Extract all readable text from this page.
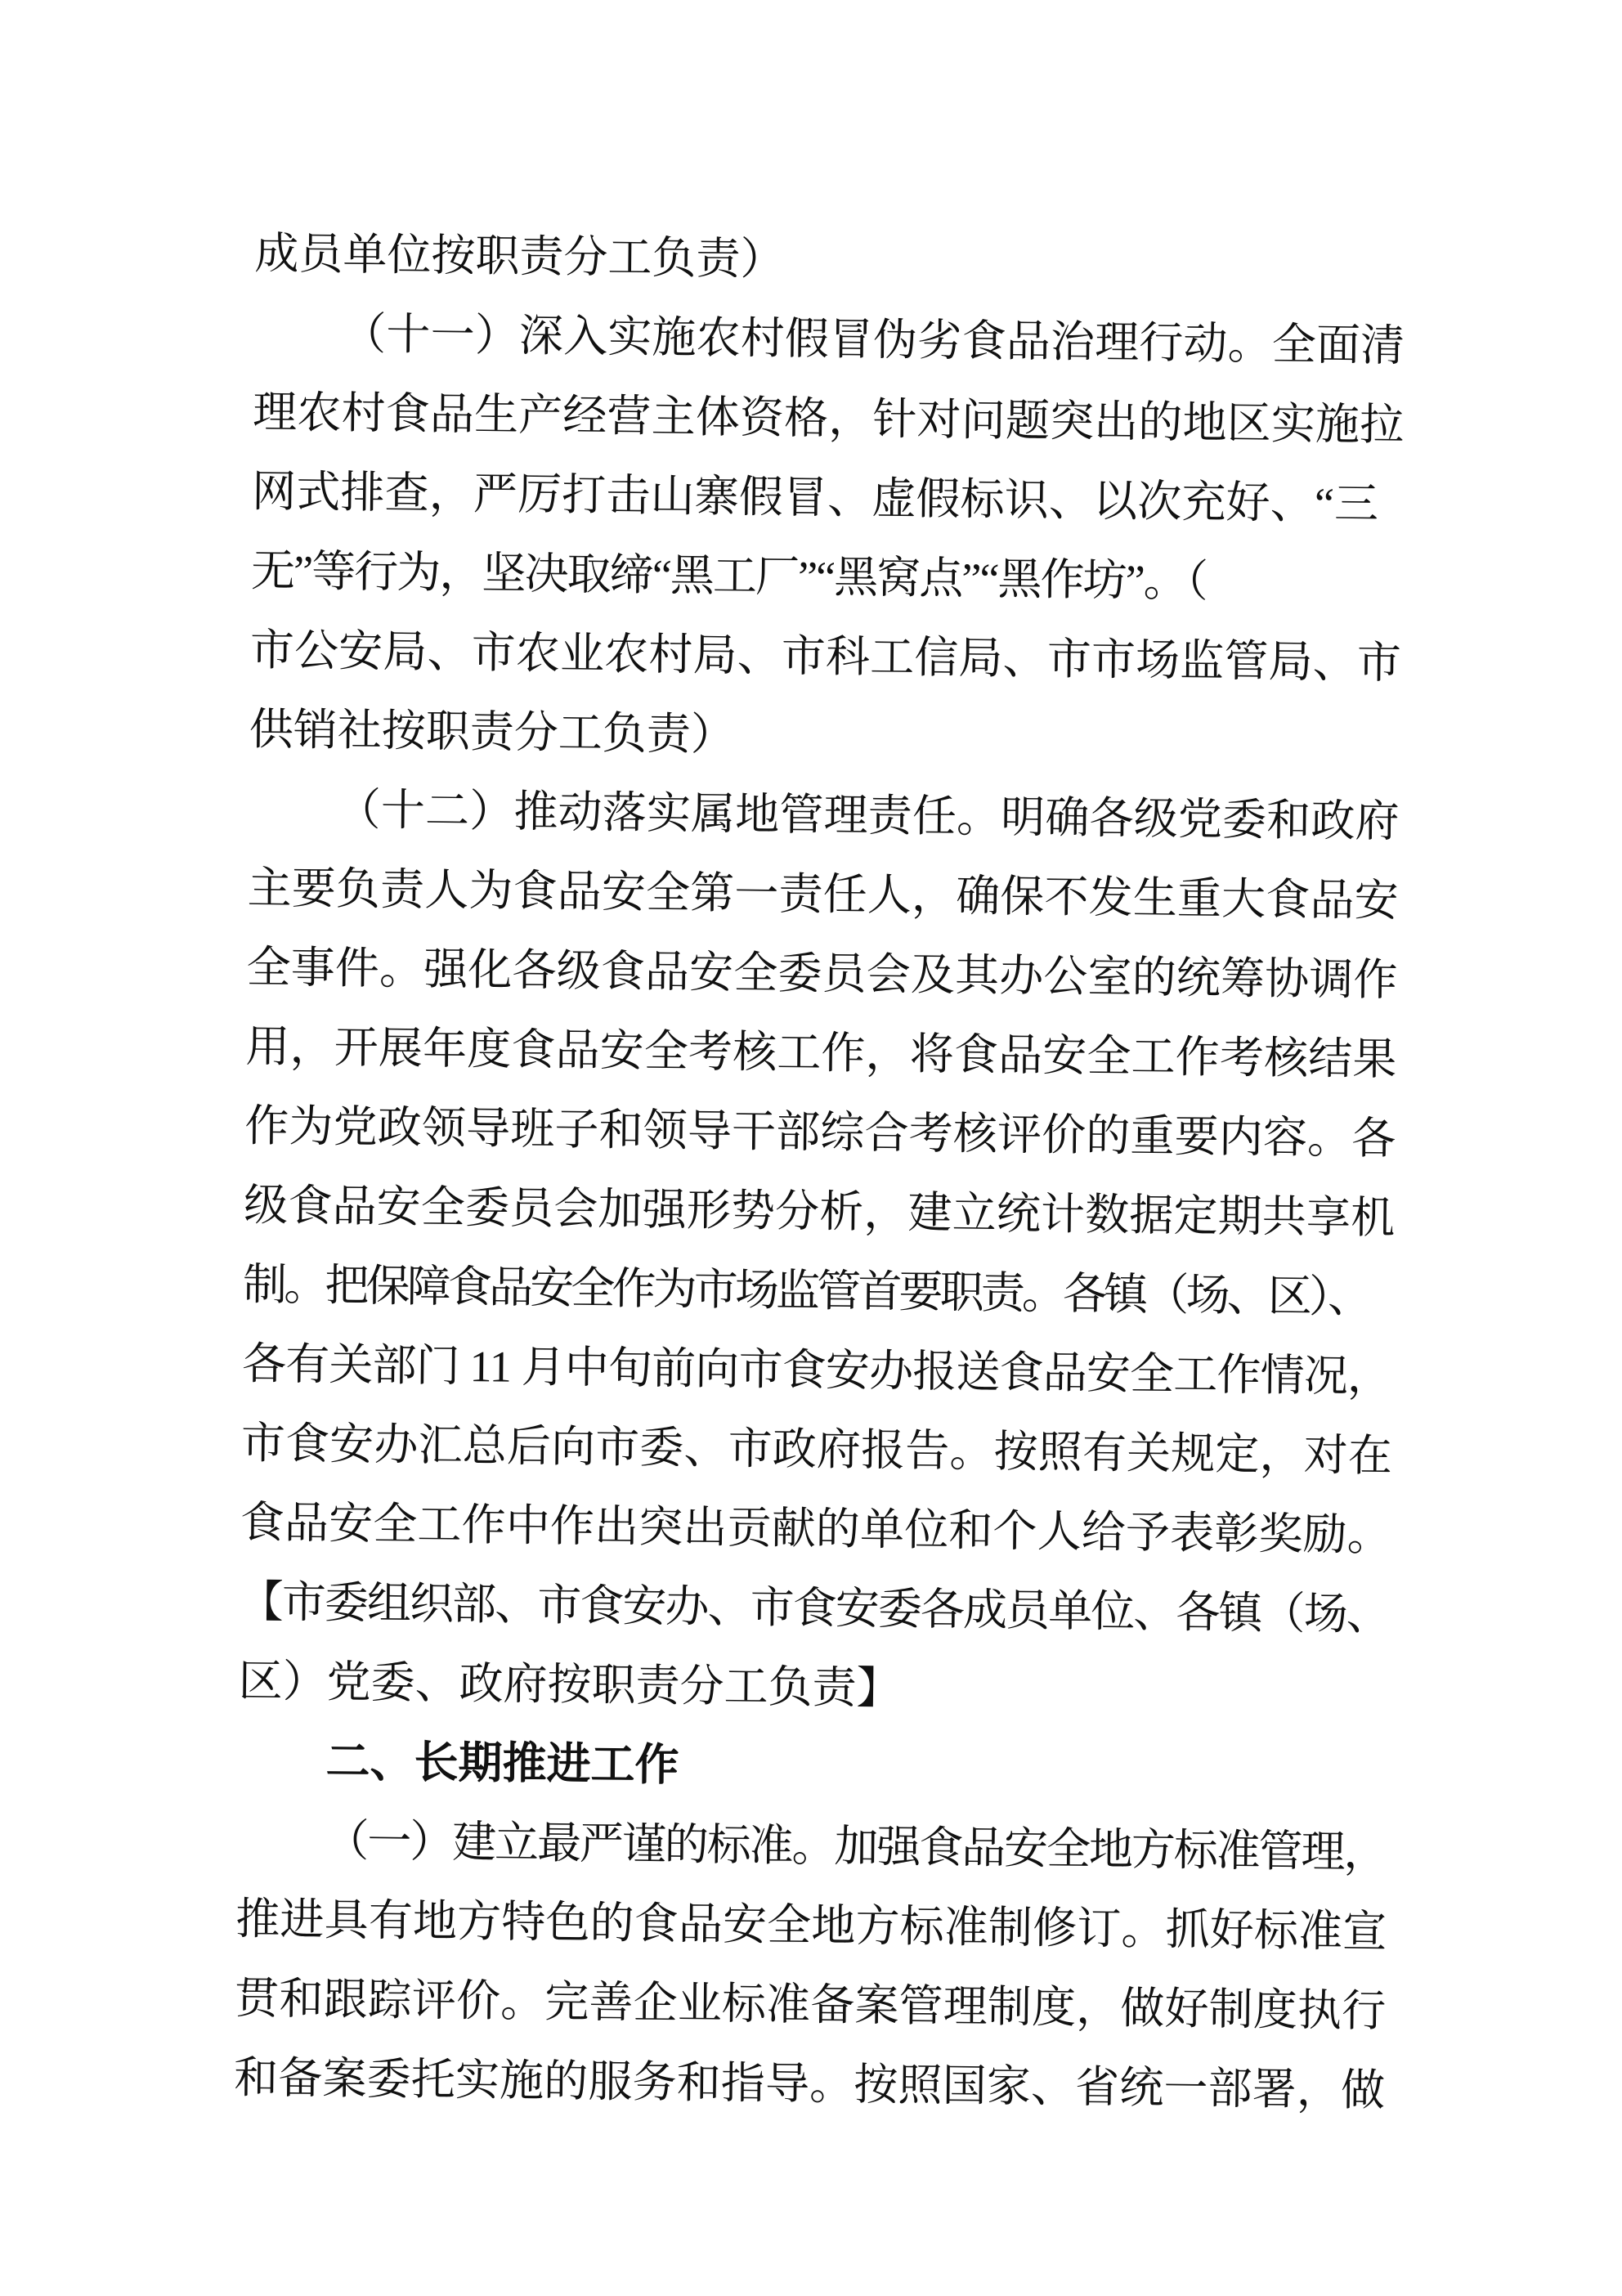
成员单位按职责分工负责）
（十一）深入实施农村假冒伪劣食品治理行动。全面清
理农村食品生产经营主体资格，针对问题突出的地区实施拉
网式排查，严厉打击山寨假冒、虚假标识、以次充好、“三
无”等行为，坚决取缔“黑工厂”“黑窝点”“黑作坊”。（
市公安局、市农业农村局、市科工信局、市市场监管局、市
供销社按职责分工负责）
（十二）推动落实属地管理责任。明确各级党委和政府
主要负责人为食品安全第一责任人，确保不发生重大食品安
全事件。强化各级食品安全委员会及其办公室的统筹协调作
用，开展年度食品安全考核工作，将食品安全工作考核结果
作为党政领导班子和领导干部综合考核评价的重要内容。各
级食品安全委员会加强形势分析，建立统计数据定期共享机
制。把保障食品安全作为市场监管首要职责。各镇（场、区）、
各有关部门 11 月中旬前向市食安办报送食品安全工作情况，
市食安办汇总后向市委、市政府报告。按照有关规定，对在
食品安全工作中作出突出贡献的单位和个人给予表彰奖励。
【市委组织部、市食安办、市食安委各成员单位、各镇（场、
区）党委、政府按职责分工负责】
二、长期推进工作
（一）建立最严谨的标准。加强食品安全地方标准管理，
推进具有地方特色的食品安全地方标准制修订。抓好标准宣
贯和跟踪评价。完善企业标准备案管理制度，做好制度执行
和备案委托实施的服务和指导。按照国家、省统一部署，做
